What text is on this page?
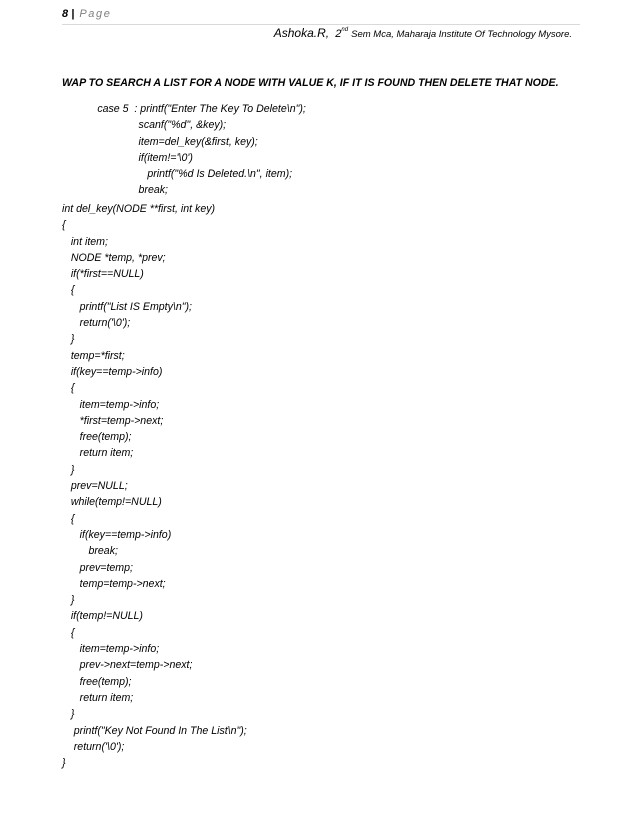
8 | Page
Ashoka.R, 2nd Sem Mca, Maharaja Institute Of Technology Mysore.
WAP TO SEARCH A LIST FOR A NODE WITH VALUE K, IF IT IS FOUND THEN DELETE THAT NODE.
case 5  : printf("Enter The Key To Delete\n");
scanf("%d", &key);
item=del_key(&first, key);
if(item!='\0')
printf("%d Is Deleted.\n", item);
break;
int del_key(NODE **first, int key)
{
int item;
NODE *temp, *prev;
if(*first==NULL)
{
printf("List IS Empty\n");
return('\0');
}
temp=*first;
if(key==temp->info)
{
item=temp->info;
*first=temp->next;
free(temp);
return item;
}
prev=NULL;
while(temp!=NULL)
{
if(key==temp->info)
break;
prev=temp;
temp=temp->next;
}
if(temp!=NULL)
{
item=temp->info;
prev->next=temp->next;
free(temp);
return item;
}
printf("Key Not Found In The List\n");
return('\0');
}
